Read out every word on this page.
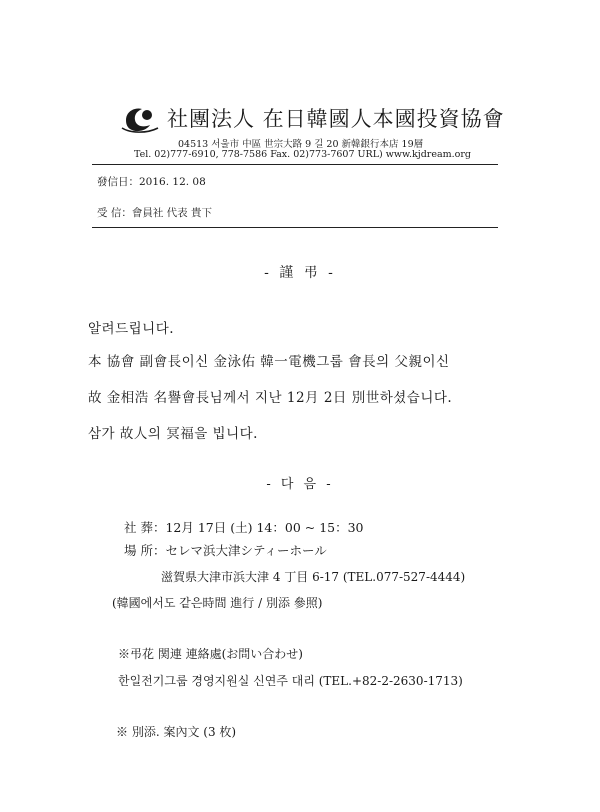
社團法人 在日韓國人本國投資協會
04513 서울市 中區 世宗大路 9 길 20 新韓銀行本店 19層
Tel. 02)777-6910, 778-7586 Fax. 02)773-7607 URL) www.kjdream.org
發信日：2016. 12. 08
受 信：會員社 代表 貴下
- 謹 弔 -
알려드립니다.
本 協會 副會長이신 金泳佑 韓一電機그룹 會長의 父親이신
故 金相浩 名譽會長님께서 지난 12月 2日 別世하셨습니다.
삼가 故人의 冥福을 빕니다.
- 다 음 -
社 葬：12月 17日 (土) 14：00 ~ 15：30
場 所：セレマ浜大津シティーホール
滋賀県大津市浜大津 4 丁目 6-17 (TEL.077-527-4444)
(韓國에서도 같은時間 進行 / 別添 參照)
※弔花 関連 連絡處(お問い合わせ)
한일전기그룹 경영지원실 신연주 대리 (TEL.+82-2-2630-1713)
※ 別添. 案內文 (3 枚)
